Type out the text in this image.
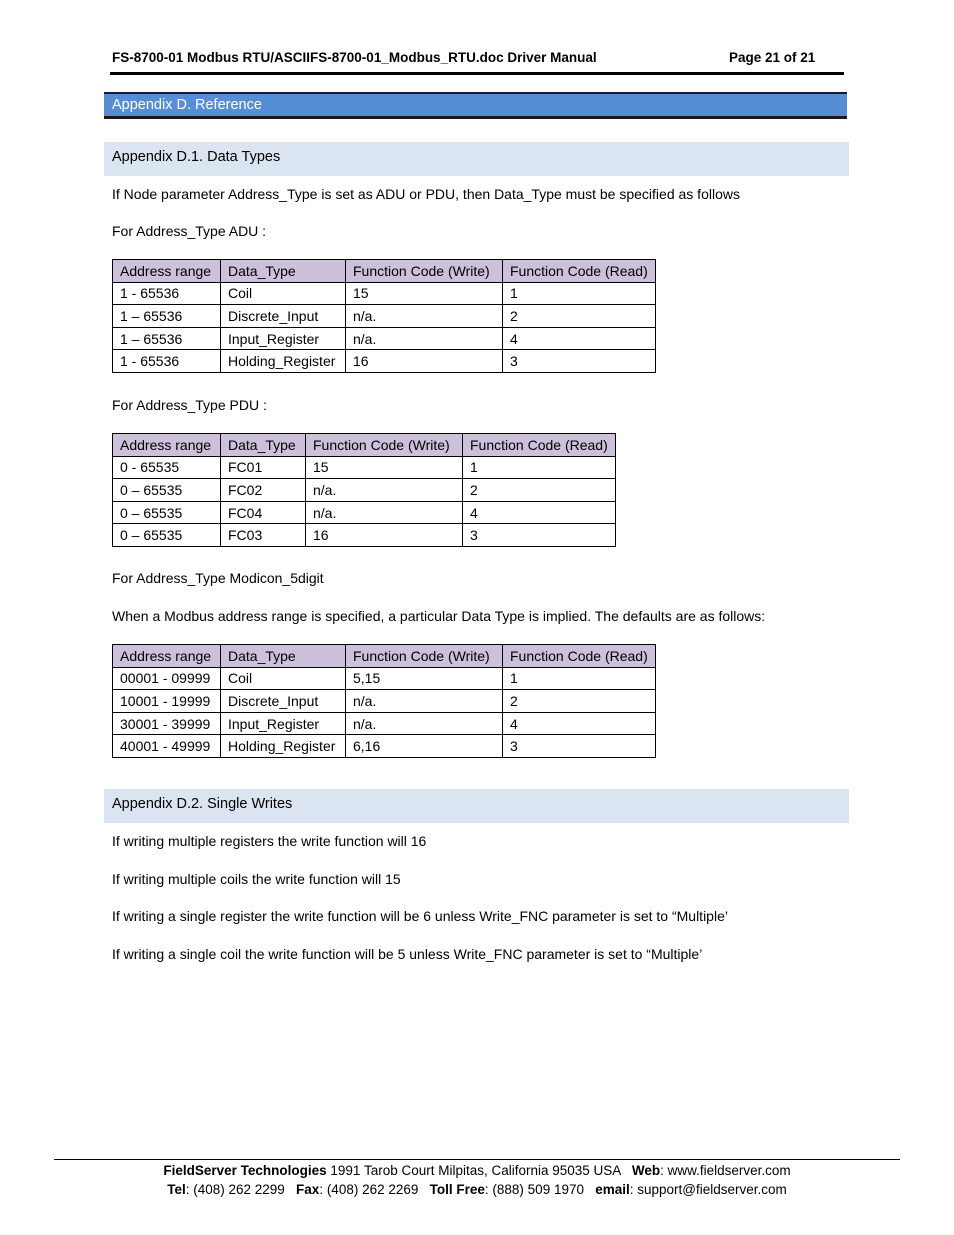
FS-8700-01 Modbus RTU/ASCIIFS-8700-01_Modbus_RTU.doc Driver Manual	Page 21 of 21
Appendix D. Reference
Appendix D.1. Data Types
If Node parameter Address_Type is set as ADU or PDU, then Data_Type must be specified as follows
For Address_Type ADU :
Address range	Data_Type	Function Code (Write)	Function Code (Read)
1 - 65536	Coil	15	1
1 – 65536	Discrete_Input	n/a.	2
1 – 65536	Input_Register	n/a.	4
1 - 65536	Holding_Register	16	3
For Address_Type PDU :
Address range	Data_Type	Function Code (Write)	Function Code (Read)
0 - 65535	FC01	15	1
0 – 65535	FC02	n/a.	2
0 – 65535	FC04	n/a.	4
0 – 65535	FC03	16	3
For Address_Type Modicon_5digit
When a Modbus address range is specified, a particular Data Type is implied. The defaults are as follows:
Address range	Data_Type	Function Code (Write)	Function Code (Read)
00001 - 09999	Coil	5,15	1
10001 - 19999	Discrete_Input	n/a.	2
30001 - 39999	Input_Register	n/a.	4
40001 - 49999	Holding_Register	6,16	3
Appendix D.2. Single Writes
If writing multiple registers the write function will 16
If writing multiple coils the write function will 15
If writing a single register the write function will be 6 unless Write_FNC parameter is set to “Multiple’
If writing a single coil the write function will be 5 unless Write_FNC parameter is set to “Multiple’
FieldServer Technologies 1991 Tarob Court Milpitas, California 95035 USA   Web: www.fieldserver.com
Tel: (408) 262 2299   Fax: (408) 262 2269   Toll Free: (888) 509 1970   email: support@fieldserver.com
